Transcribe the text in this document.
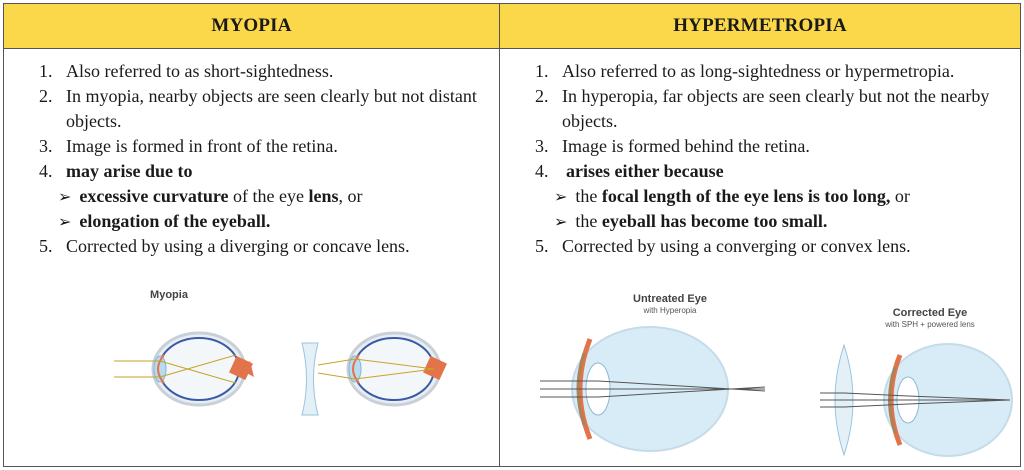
MYOPIA
1. Also referred to as short-sightedness.
2. In myopia, nearby objects are seen clearly but not distant objects.
3. Image is formed in front of the retina.
4. may arise due to
➢ excessive curvature of the eye lens, or
➢ elongation of the eyeball.
5. Corrected by using a diverging or concave lens.
Myopia
HYPERMETROPIA
1. Also referred to as long-sightedness or hypermetropia.
2. In hyperopia, far objects are seen clearly but not the nearby objects.
3. Image is formed behind the retina.
4. arises either because
➢ the focal length of the eye lens is too long, or
➢ the eyeball has become too small.
5. Corrected by using a converging or convex lens.
Untreated Eye
with Hyperopia	Corrected Eye
with SPH + powered lens
